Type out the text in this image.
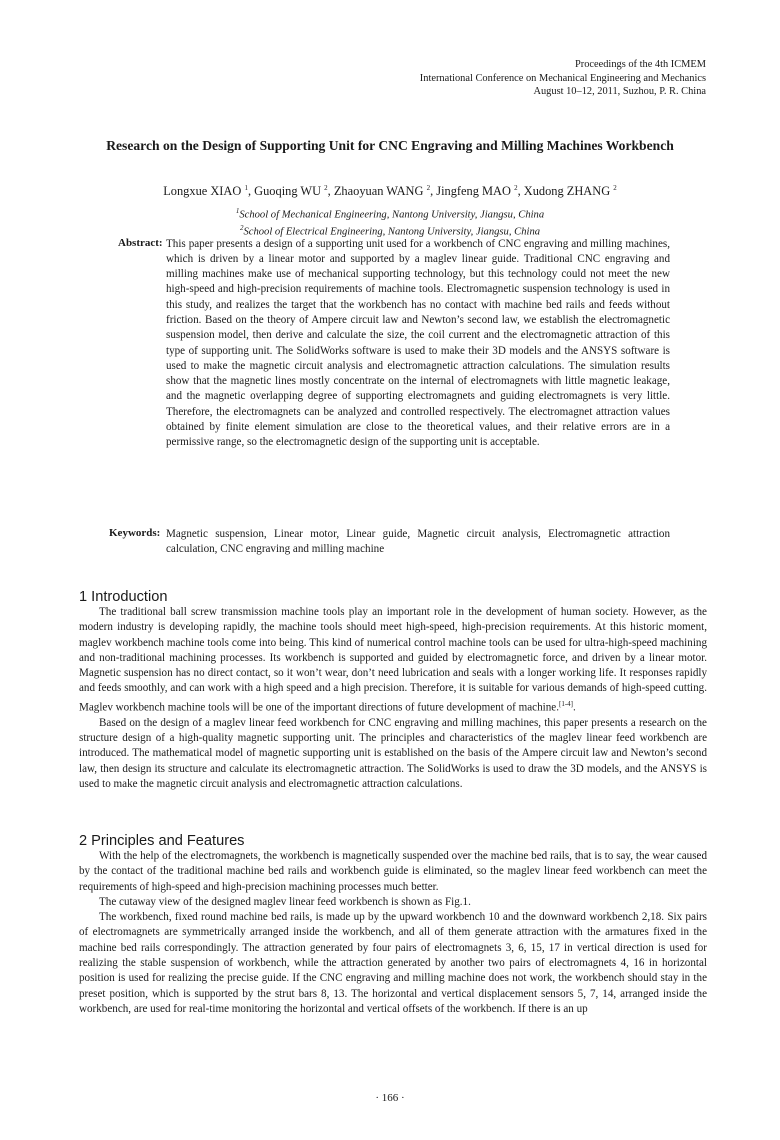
Proceedings of the 4th ICMEM
International Conference on Mechanical Engineering and Mechanics
August 10–12, 2011, Suzhou, P. R. China
Research on the Design of Supporting Unit for CNC Engraving and Milling Machines Workbench
Longxue XIAO $^1$, Guoqing WU $^2$, Zhaoyuan WANG $^2$, Jingfeng MAO $^2$, Xudong ZHANG $^2$
$^1$School of Mechanical Engineering, Nantong University, Jiangsu, China
$^2$School of Electrical Engineering, Nantong University, Jiangsu, China
Abstract: This paper presents a design of a supporting unit used for a workbench of CNC engraving and milling machines, which is driven by a linear motor and supported by a maglev linear guide. Traditional CNC engraving and milling machines make use of mechanical supporting technology, but this technology could not meet the new high-speed and high-precision requirements of machine tools. Electromagnetic suspension technology is used in this study, and realizes the target that the workbench has no contact with machine bed rails and feeds without friction. Based on the theory of Ampere circuit law and Newton’s second law, we establish the electromagnetic suspension model, then derive and calculate the size, the coil current and the electromagnetic attraction of this type of supporting unit. The SolidWorks software is used to make their 3D models and the ANSYS software is used to make the magnetic circuit analysis and electromagnetic attraction calculations. The simulation results show that the magnetic lines mostly concentrate on the internal of electromagnets with little magnetic leakage, and the magnetic overlapping degree of supporting electromagnets and guiding electromagnets is very little. Therefore, the electromagnets can be analyzed and controlled respectively. The electromagnet attraction values obtained by finite element simulation are close to the theoretical values, and their relative errors are in a permissive range, so the electromagnetic design of the supporting unit is acceptable.
Keywords: Magnetic suspension, Linear motor, Linear guide, Magnetic circuit analysis, Electromagnetic attraction calculation, CNC engraving and milling machine
1 Introduction

The traditional ball screw transmission machine tools play an important role in the development of human society. However, as the modern industry is developing rapidly, the machine tools should meet high-speed, high-precision requirements. At this historic moment, maglev workbench machine tools come into being. This kind of numerical control machine tools can be used for ultra-high-speed machining and non-traditional machining processes. Its workbench is supported and guided by electromagnetic force, and driven by a linear motor. Magnetic suspension has no direct contact, so it won’t wear, don’t need lubrication and seals with a longer working life. It responses rapidly and feeds smoothly, and can work with a high speed and a high precision. Therefore, it is suitable for various demands of high-speed cutting. Maglev workbench machine tools will be one of the important directions of future development of machine.[1-4].

Based on the design of a maglev linear feed workbench for CNC engraving and milling machines, this paper presents a research on the structure design of a high-quality magnetic supporting unit. The principles and characteristics of the maglev linear feed workbench are introduced. The mathematical model of magnetic supporting unit is established on the basis of the Ampere circuit law and Newton’s second law, then design its structure and calculate its electromagnetic attraction. The SolidWorks is used to draw the 3D models, and the ANSYS is used to make the magnetic circuit analysis and electromagnetic attraction calculations.

2 Principles and Features

With the help of the electromagnets, the workbench is magnetically suspended over the machine bed rails, that is to say, the wear caused by the contact of the traditional machine bed rails and workbench guide is eliminated, so the maglev linear feed workbench can meet the requirements of high-speed and high-precision machining processes much better.

The cutaway view of the designed maglev linear feed workbench is shown as Fig.1.

The workbench, fixed round machine bed rails, is made up by the upward workbench 10 and the downward workbench 2,18. Six pairs of electromagnets are symmetrically arranged inside the workbench, and all of them generate attraction with the armatures fixed in the machine bed rails correspondingly. The attraction generated by four pairs of electromagnets 3, 6, 15, 17 in vertical direction is used for realizing the stable suspension of workbench, while the attraction generated by another two pairs of electromagnets 4, 16 in horizontal position is used for realizing the precise guide. If the CNC engraving and milling machine does not work, the workbench should stay in the preset position, which is supported by the strut bars 8, 13. The horizontal and vertical displacement sensors 5, 7, 14, arranged inside the workbench, are used for real-time monitoring the horizontal and vertical offsets of the workbench. If there is an up

· 166 ·
